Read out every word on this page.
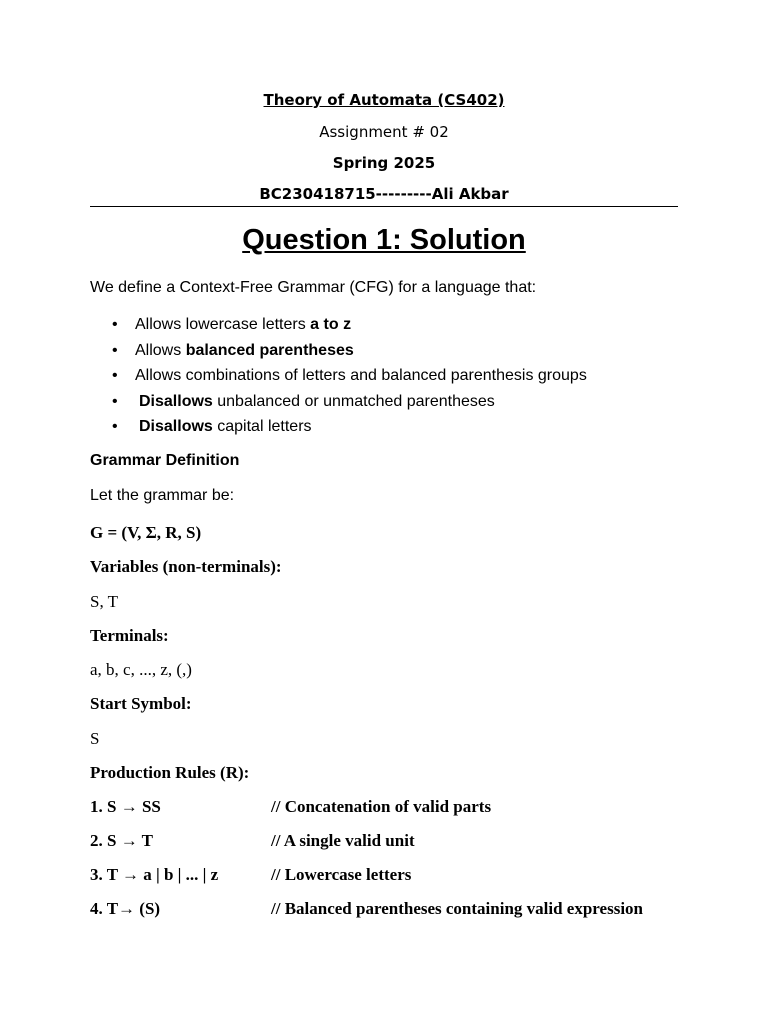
Theory of Automata (CS402)
Assignment # 02
Spring 2025
BC230418715---------Ali Akbar
Question 1: Solution
We define a Context-Free Grammar (CFG) for a language that:
• Allows lowercase letters a to z
• Allows balanced parentheses
• Allows combinations of letters and balanced parenthesis groups
• Disallows unbalanced or unmatched parentheses
• Disallows capital letters
Grammar Definition
Let the grammar be:
G = (V, Σ, R, S)
Variables (non-terminals):
S, T
Terminals:
a, b, c, ..., z, (,)
Start Symbol:
S
Production Rules (R):
1. S → SS	// Concatenation of valid parts
2. S → T	// A single valid unit
3. T → a | b | ... | z	// Lowercase letters
4. T→ (S)	// Balanced parentheses containing valid expression
